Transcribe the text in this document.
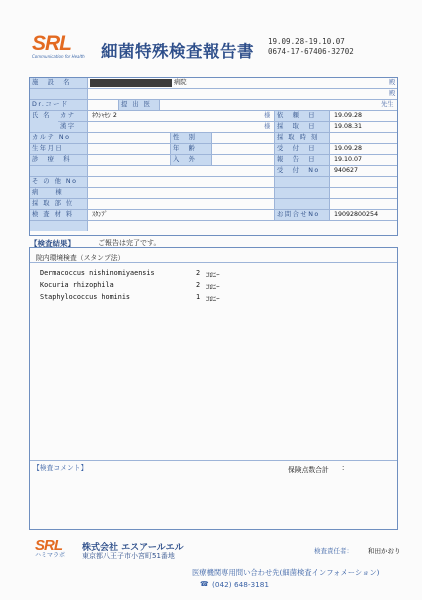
SRL
Communication for Health 細菌特殊検査報告書
19.09.28-19.10.07
0674-17-67406-32702
施　設　名	病院	殿
殿
Dr.コード	提 出 医	先生
氏 名	カナ	ﾈｳｼｬｾﾝ 2	様	依　頼　日	19.09.28
漢字	様	採　取　日	19.08.31
カルテ No	性　別	採 取 時 刻
生年月日	年　齢	受　付　日	19.09.28
診　療　科	入　外	報　告　日	19.10.07
受　付　No	940627
そ の 他 No
病　　棟
採 取 部 位
検 査 材 料	ｽﾀﾝﾌﾟ	お問合せNo	19092800254
【検査結果】	ご報告は完了です。
院内環境検査（スタンプ法）
Dermacoccus nishinomiyaensis	2 ｺﾛﾆｰ
Kocuria rhizophila	2 ｺﾛﾆｰ
Staphylococcus hominis	1 ｺﾛﾆｰ
【検査コメント】	保険点数合計 :
SRL
ハミマラボ
株式会社 エスアールエル
東京都八王子市小宮町51番地
検査責任者： 和田かおり
医療機関専用問い合わせ先(細菌検査インフォメーション)
☎ (042) 648-3181
